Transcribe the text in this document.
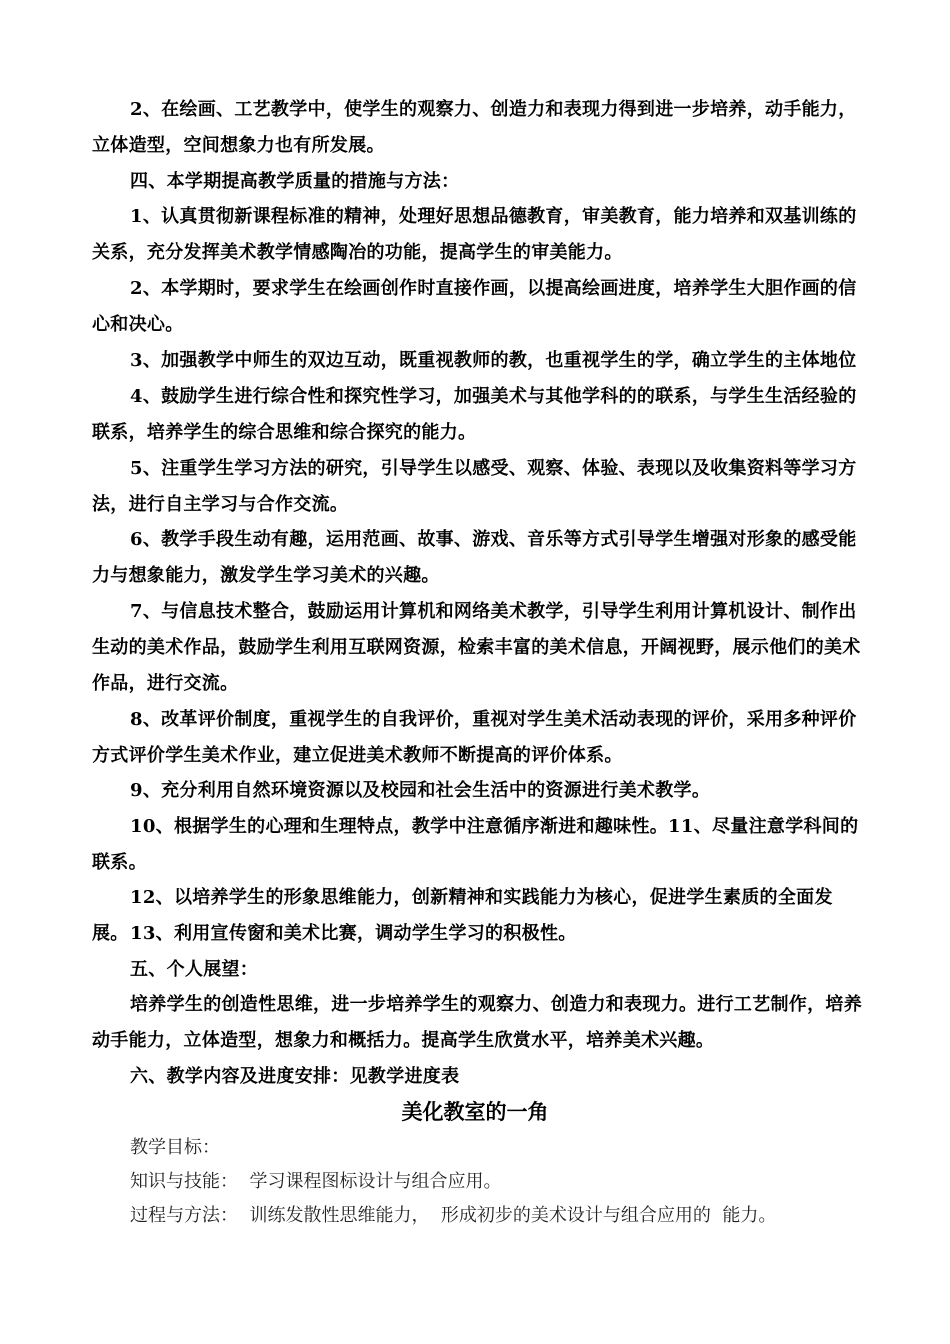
2、在绘画、工艺教学中，使学生的观察力、创造力和表现力得到进一步培养，动手能力，立体造型，空间想象力也有所发展。
四、本学期提高教学质量的措施与方法：
1、认真贯彻新课程标准的精神，处理好思想品德教育，审美教育，能力培养和双基训练的关系，充分发挥美术教学情感陶冶的功能，提高学生的审美能力。
2、本学期时，要求学生在绘画创作时直接作画，以提高绘画进度，培养学生大胆作画的信心和决心。
3、加强教学中师生的双边互动，既重视教师的教，也重视学生的学，确立学生的主体地位
4、鼓励学生进行综合性和探究性学习，加强美术与其他学科的的联系，与学生生活经验的联系，培养学生的综合思维和综合探究的能力。
5、注重学生学习方法的研究，引导学生以感受、观察、体验、表现以及收集资料等学习方法，进行自主学习与合作交流。
6、教学手段生动有趣，运用范画、故事、游戏、音乐等方式引导学生增强对形象的感受能力与想象能力，激发学生学习美术的兴趣。
7、与信息技术整合，鼓励运用计算机和网络美术教学，引导学生利用计算机设计、制作出生动的美术作品，鼓励学生利用互联网资源，检索丰富的美术信息，开阔视野，展示他们的美术作品，进行交流。
8、改革评价制度，重视学生的自我评价，重视对学生美术活动表现的评价，采用多种评价方式评价学生美术作业，建立促进美术教师不断提高的评价体系。
9、充分利用自然环境资源以及校园和社会生活中的资源进行美术教学。
10、根据学生的心理和生理特点，教学中注意循序渐进和趣味性。11、尽量注意学科间的联系。
12、以培养学生的形象思维能力，创新精神和实践能力为核心，促进学生素质的全面发展。 13、利用宣传窗和美术比赛，调动学生学习的积极性。
五、个人展望：
培养学生的创造性思维，进一步培养学生的观察力、创造力和表现力。进行工艺制作，培养动手能力，立体造型，想象力和概括力。提高学生欣赏水平，培养美术兴趣。
六、教学内容及进度安排：见教学进度表
美化教室的一角
教学目标：
知识与技能：  学习课程图标设计与组合应用。
过程与方法：  训练发散性思维能力，  形成初步的美术设计与组合应用的  能力。
